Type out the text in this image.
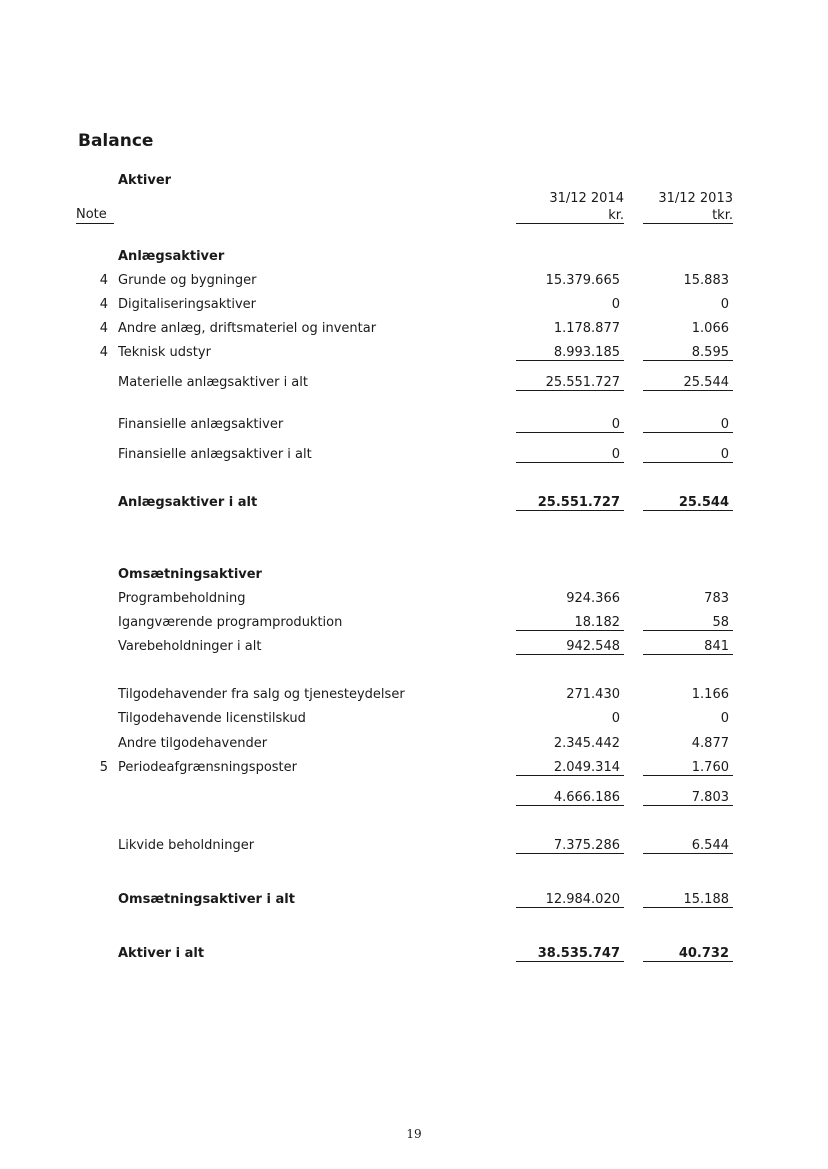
Balance
Aktiver
31/12 2014	31/12 2013
Note	kr.	tkr.
Anlægsaktiver
4 Grunde og bygninger	15.379.665	15.883
4 Digitaliseringsaktiver	0	0
4 Andre anlæg, driftsmateriel og inventar	1.178.877	1.066
4 Teknisk udstyr	8.993.185	8.595
Materielle anlægsaktiver i alt	25.551.727	25.544
Finansielle anlægsaktiver	0	0
Finansielle anlægsaktiver i alt	0	0
Anlægsaktiver i alt	25.551.727	25.544
Omsætningsaktiver
Programbeholdning	924.366	783
Igangværende programproduktion	18.182	58
Varebeholdninger i alt	942.548	841
Tilgodehavender fra salg og tjenesteydelser	271.430	1.166
Tilgodehavende licenstilskud	0	0
Andre tilgodehavender	2.345.442	4.877
5 Periodeafgrænsningsposter	2.049.314	1.760
4.666.186	7.803
Likvide beholdninger	7.375.286	6.544
Omsætningsaktiver i alt	12.984.020	15.188
Aktiver i alt	38.535.747	40.732
19
